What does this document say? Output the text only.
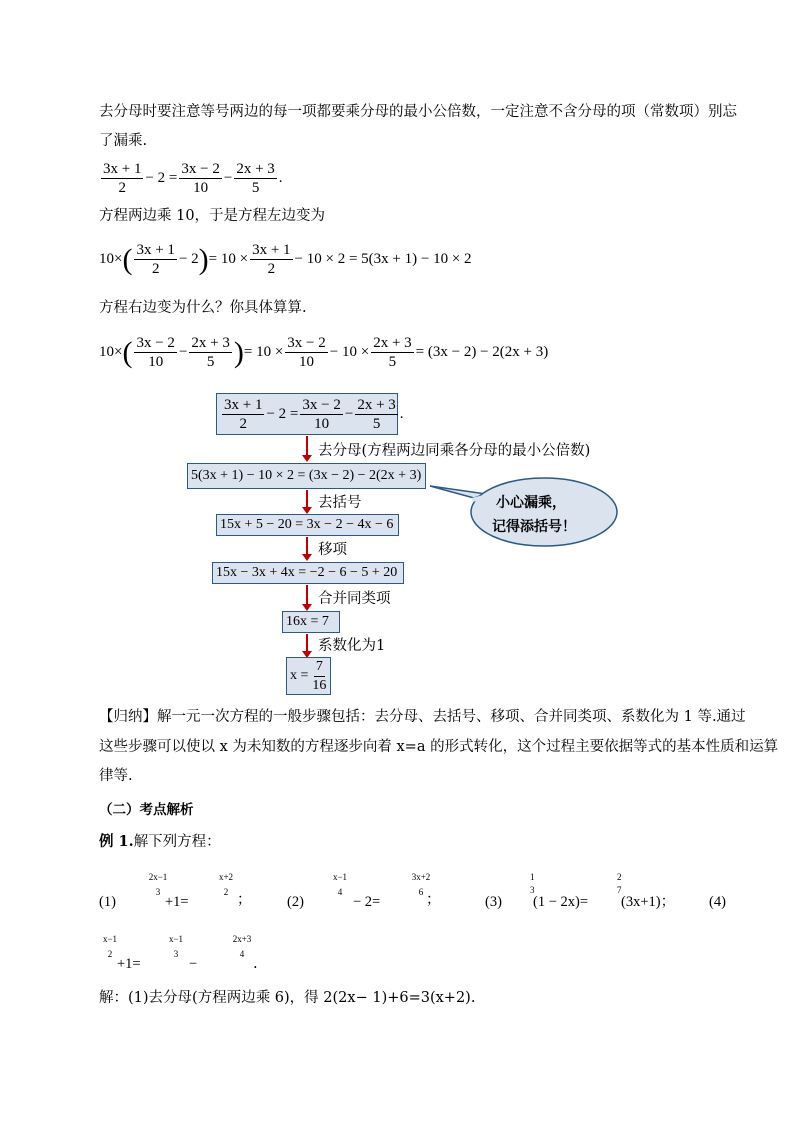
去分母时要注意等号两边的每一项都要乘分母的最小公倍数，一定注意不含分母的项（常数项）别忘
了漏乘.
$\frac{3x + 1}{2} - 2 = \frac{3x - 2}{10} - \frac{2x + 3}{5}$ .
方程两边乘 10，于是方程左边变为
10× ( $\frac{3x + 1}{2} - 2$ ) = $10 \times \frac{3x + 1}{2} - 10 \times 2 = 5(3x + 1) - 10 \times 2$
方程右边变为什么？你具体算算.
10× ( $\frac{3x - 2}{10} - \frac{2x + 3}{5}$ ) = $10 \times \frac{3x - 2}{10} - 10 \times \frac{2x + 3}{5} = (3x - 2) - 2(2x + 3)$
$\frac{3x + 1}{2} - 2 = \frac{3x - 2}{10} - \frac{2x + 3}{5}$ .
去分母(方程两边同乘各分母的最小公倍数)
5(3x + 1) − 10 × 2 = (3x − 2) − 2(2x + 3)
去括号
15x + 5 − 20 = 3x − 2 − 4x − 6
移项
15x − 3x + 4x = −2 − 6 − 5 + 20
合并同类项
16x = 7
系数化为1
$x = \frac{7}{16}$
小心漏乘，
记得添括号！
【归纳】解一元一次方程的一般步骤包括：去分母、去括号、移项、合并同类项、系数化为 1 等.通过
这些步骤可以使以 x 为未知数的方程逐步向着 x=a 的形式转化，这个过程主要依据等式的基本性质和运算
律等.
（二）考点解析
例 1.解下列方程：
(1)
2x−1
3
+1=
x+2
2 ； (2)
x−1
4
− 2=
3x+2
6 ；	(3)
1
3
(1 − 2x)=
2
7
(3x+1)； (4)
x−1
2
+1=
x−1
3
−
2x+3
4
.
解：(1)去分母(方程两边乘 6)，得 2(2x− 1)+6=3(x+2).
